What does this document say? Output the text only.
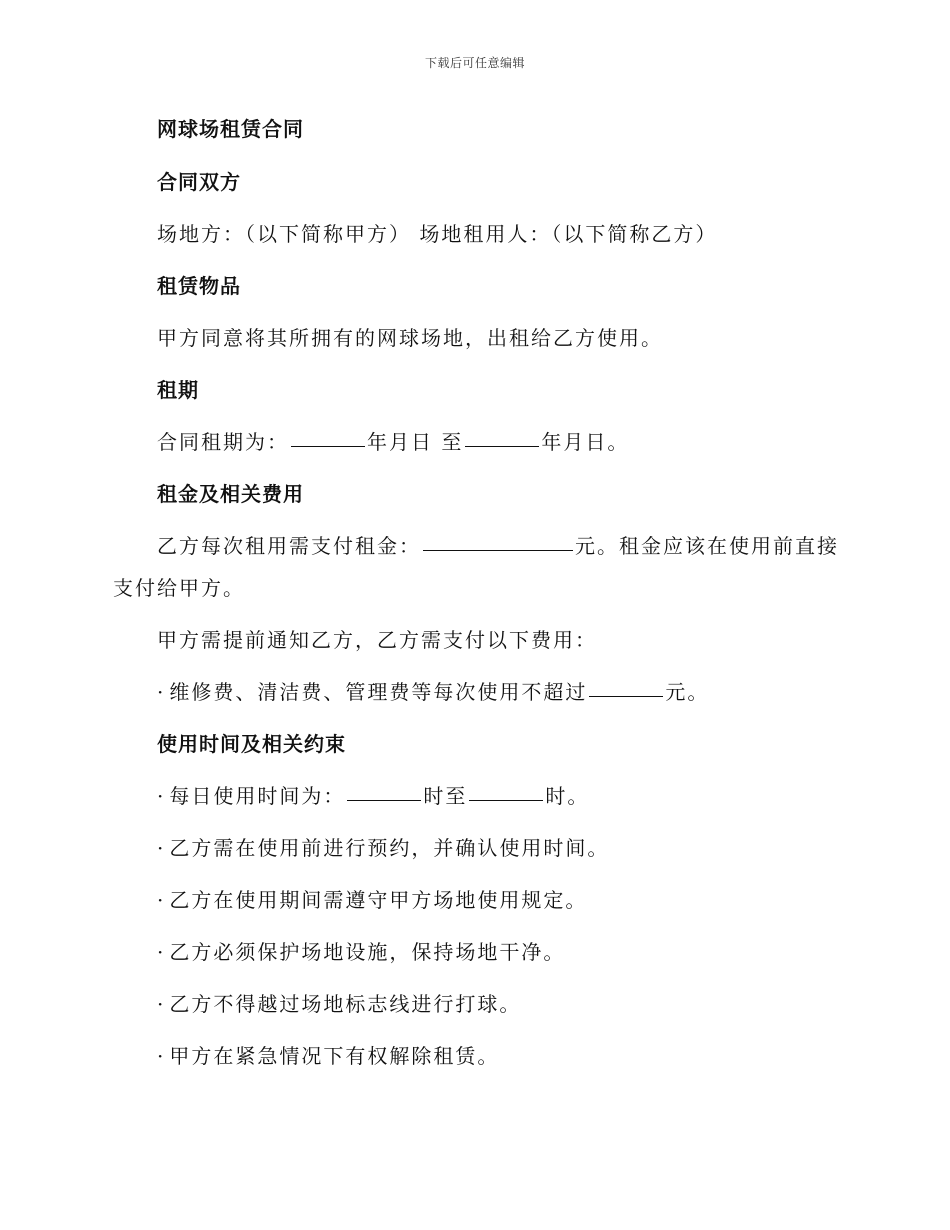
下载后可任意编辑
网球场租赁合同
合同双方
场地方：（以下简称甲方） 场地租用人：（以下简称乙方）
租赁物品
甲方同意将其所拥有的网球场地，出租给乙方使用。
租期
合同租期为：	年月日 至	年月日。
租金及相关费用
乙方每次租用需支付租金：	元。租金应该在使用前直接
支付给甲方。
甲方需提前通知乙方，乙方需支付以下费用：
· 维修费、清洁费、管理费等每次使用不超过	元。
使用时间及相关约束
· 每日使用时间为：	时至	时。
· 乙方需在使用前进行预约，并确认使用时间。
· 乙方在使用期间需遵守甲方场地使用规定。
· 乙方必须保护场地设施，保持场地干净。
· 乙方不得越过场地标志线进行打球。
· 甲方在紧急情况下有权解除租赁。
